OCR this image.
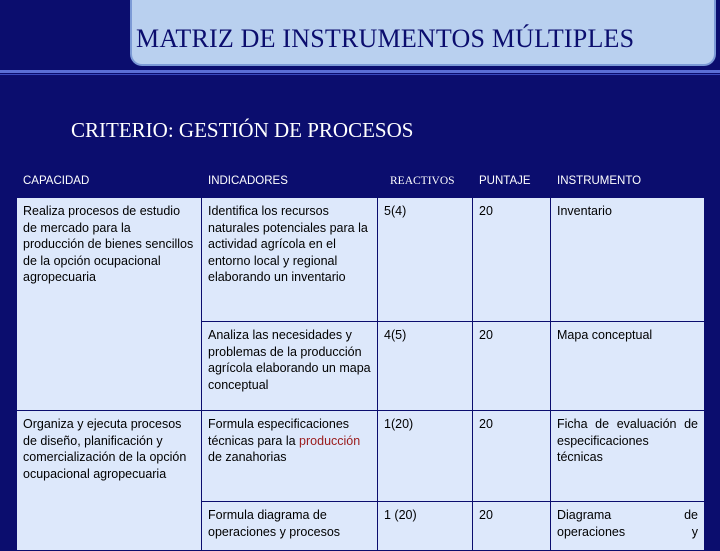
MATRIZ DE INSTRUMENTOS MÚLTIPLES
CRITERIO: GESTIÓN DE PROCESOS
CAPACIDAD	INDICADORES	REACTIVOS	PUNTAJE	INSTRUMENTO
Realiza procesos de estudio de mercado para la producción de bienes sencillos de la opción ocupacional agropecuaria	Identifica los recursos naturales potenciales para la actividad agrícola en el entorno local y regional elaborando un inventario	5(4)	20	Inventario
	Analiza las necesidades y problemas de la producción agrícola elaborando un mapa conceptual	4(5)	20	Mapa conceptual
Organiza y ejecuta procesos de diseño, planificación y comercialización de la opción ocupacional agropecuaria	Formula especificaciones técnicas para la producción de zanahorias	1(20)	20	Ficha de evaluación de especificaciones técnicas
	Formula diagrama de operaciones y procesos	1 (20)	20	Diagrama de operaciones y
